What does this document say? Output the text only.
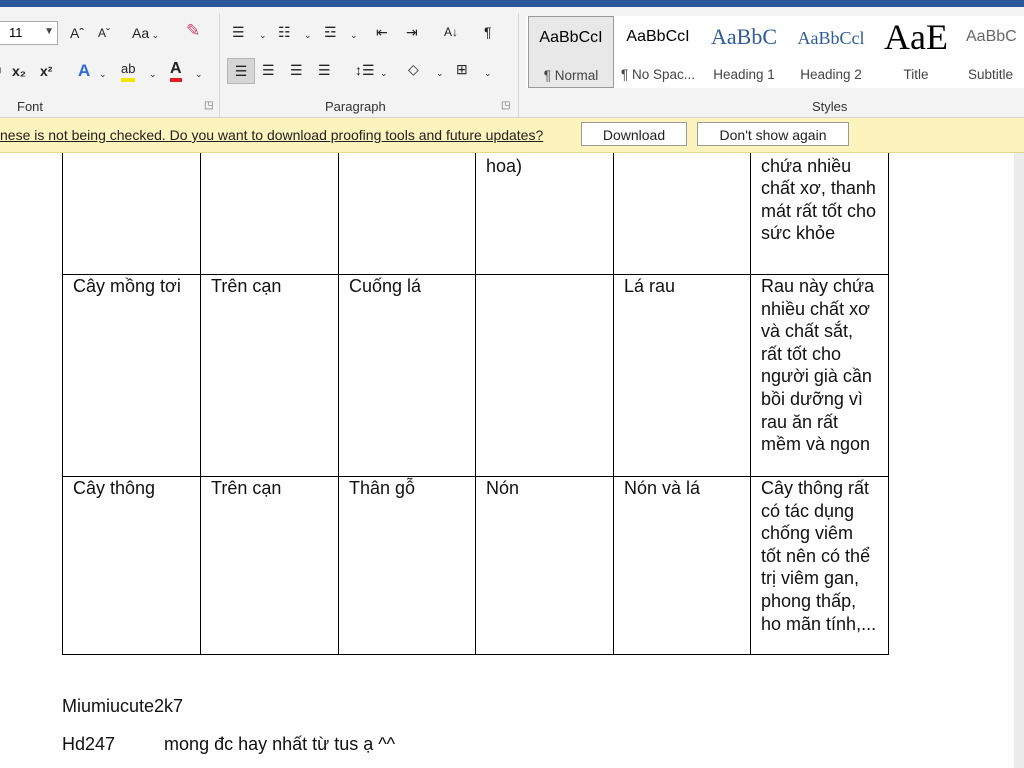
11 ▼ Aˆ Aˇ Aa ⌄ ✎
x₂ x² A ⌄ ab ⌄ A ⌄
Font	◳
☰ ⌄ ☷ ⌄ ☲ ⌄ ⇤ ⇥ A↓ ¶
☰	☰ ☰ ☰ ↕☰ ⌄ ◇ ⌄ ⊞ ⌄
Paragraph	◳
AaBbCcI
¶ Normal
AaBbCcI
¶ No Spac...
AaBbC
Heading 1
AaBbCcl
Heading 2
AaE
Title
AaBbC
Subtitle
Styles
nese is not being checked. Do you want to download proofing tools and future updates?	Download	Don't show again
			hoa)		chứa nhiều chất xơ, thanh mát rất tốt cho sức khỏe
Cây mồng tơi	Trên cạn	Cuống lá		Lá rau	Rau này chứa nhiều chất xơ và chất sắt, rất tốt cho người già cần bồi dưỡng vì rau ăn rất mềm và ngon
Cây thông	Trên cạn	Thân gỗ	Nón	Nón và lá	Cây thông rất có tác dụng chống viêm tốt nên có thể trị viêm gan, phong thấp, ho mãn tính,...
Miumiucute2k7
Hd247	mong đc hay nhất từ tus ạ ^^
